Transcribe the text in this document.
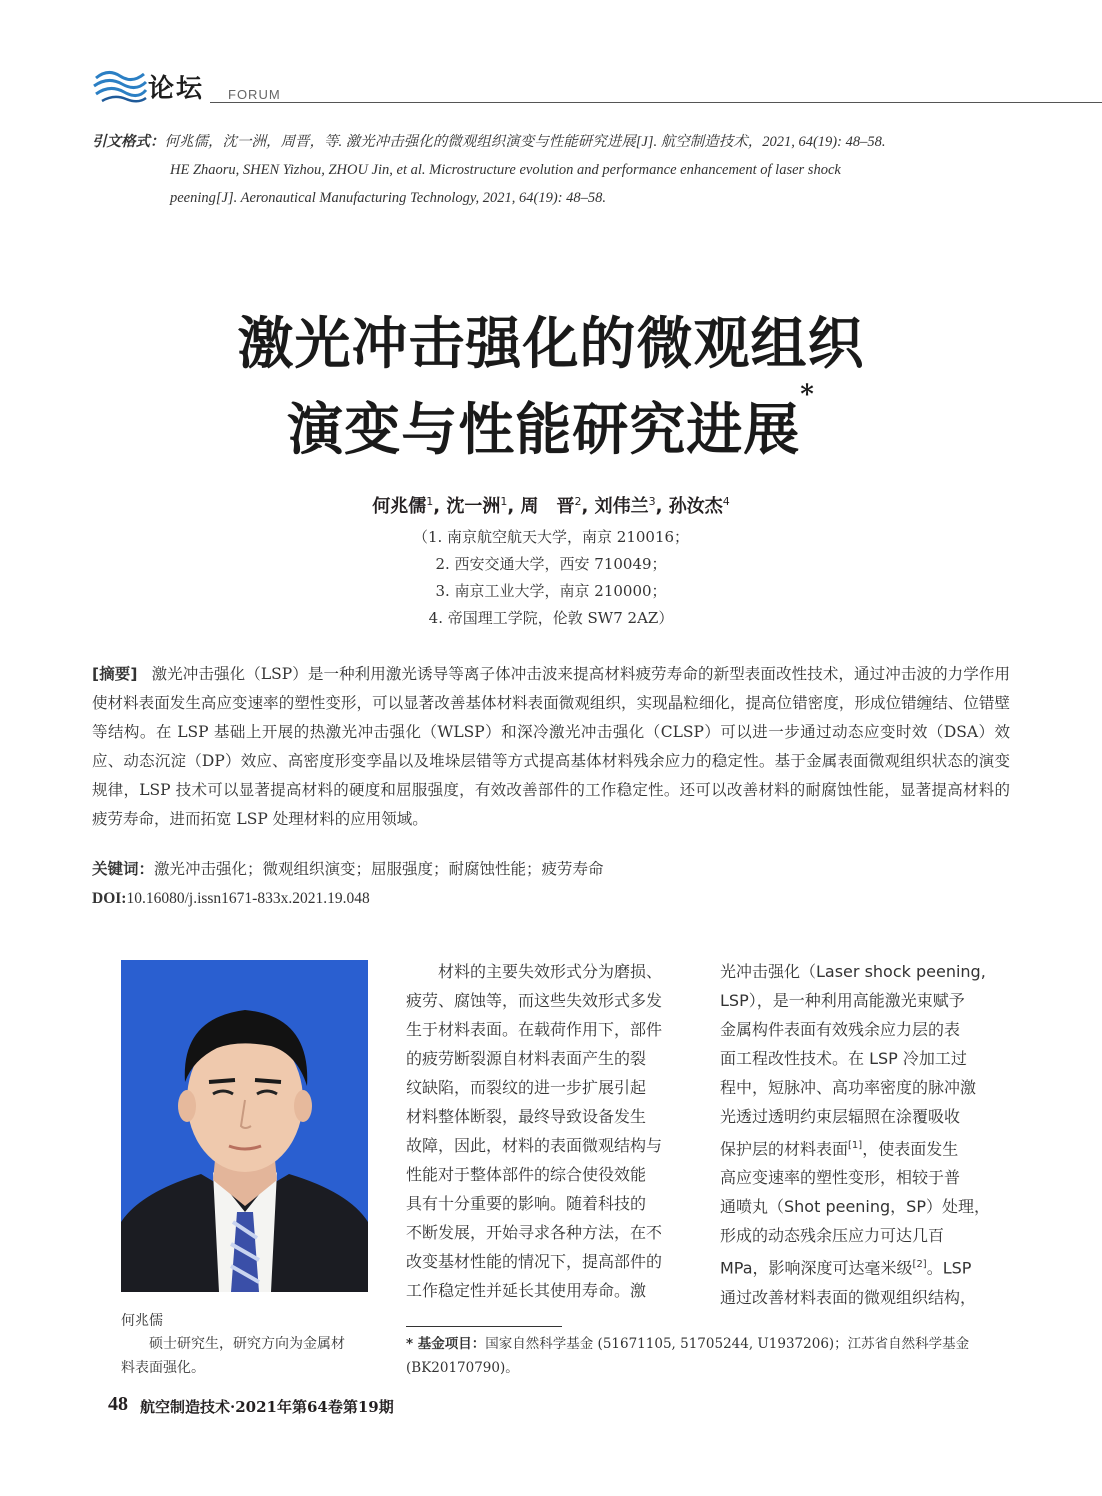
论坛 FORUM
引文格式：何兆儒，沈一洲，周晋，等. 激光冲击强化的微观组织演变与性能研究进展[J]. 航空制造技术，2021, 64(19): 48–58.
HE Zhaoru, SHEN Yizhou, ZHOU Jin, et al. Microstructure evolution and performance enhancement of laser shock
peening[J]. Aeronautical Manufacturing Technology, 2021, 64(19): 48–58.
激光冲击强化的微观组织
演变与性能研究进展*
何兆儒$^1$, 沈一洲$^1$, 周　晋$^2$, 刘伟兰$^3$, 孙汝杰$^4$
（1. 南京航空航天大学，南京 210016；
2. 西安交通大学，西安 710049；
3. 南京工业大学，南京 210000；
4. 帝国理工学院，伦敦 SW7 2AZ）
[摘要] 激光冲击强化（LSP）是一种利用激光诱导等离子体冲击波来提高材料疲劳寿命的新型表面改性技术，通过冲击波的力学作用使材料表面发生高应变速率的塑性变形，可以显著改善基体材料表面微观组织，实现晶粒细化，提高位错密度，形成位错缠结、位错壁等结构。在 LSP 基础上开展的热激光冲击强化（WLSP）和深冷激光冲击强化（CLSP）可以进一步通过动态应变时效（DSA）效应、动态沉淀（DP）效应、高密度形变孪晶以及堆垛层错等方式提高基体材料残余应力的稳定性。基于金属表面微观组织状态的演变规律，LSP 技术可以显著提高材料的硬度和屈服强度，有效改善部件的工作稳定性。还可以改善材料的耐腐蚀性能，显著提高材料的疲劳寿命，进而拓宽 LSP 处理材料的应用领域。
关键词：激光冲击强化；微观组织演变；屈服强度；耐腐蚀性能；疲劳寿命
DOI:10.16080/j.issn1671-833x.2021.19.048
何兆儒
硕士研究生，研究方向为金属材
料表面强化。
　　材料的主要失效形式分为磨损、
疲劳、腐蚀等，而这些失效形式多发
生于材料表面。在载荷作用下，部件
的疲劳断裂源自材料表面产生的裂
纹缺陷，而裂纹的进一步扩展引起
材料整体断裂，最终导致设备发生
故障，因此，材料的表面微观结构与
性能对于整体部件的综合使役效能
具有十分重要的影响。随着科技的
不断发展，开始寻求各种方法，在不
改变基材性能的情况下，提高部件的
工作稳定性并延长其使用寿命。激
光冲击强化（Laser shock peening,
LSP），是一种利用高能激光束赋予
金属构件表面有效残余应力层的表
面工程改性技术。在 LSP 冷加工过
程中，短脉冲、高功率密度的脉冲激
光透过透明约束层辐照在涂覆吸收
保护层的材料表面[1]，使表面发生
高应变速率的塑性变形，相较于普
通喷丸（Shot peening，SP）处理，
形成的动态残余压应力可达几百
MPa，影响深度可达毫米级[2]。LSP
通过改善材料表面的微观组织结构，
* 基金项目：国家自然科学基金 (51671105, 51705244, U1937206)；江苏省自然科学基金 (BK20170790)。
48 航空制造技术·2021年第64卷第19期
